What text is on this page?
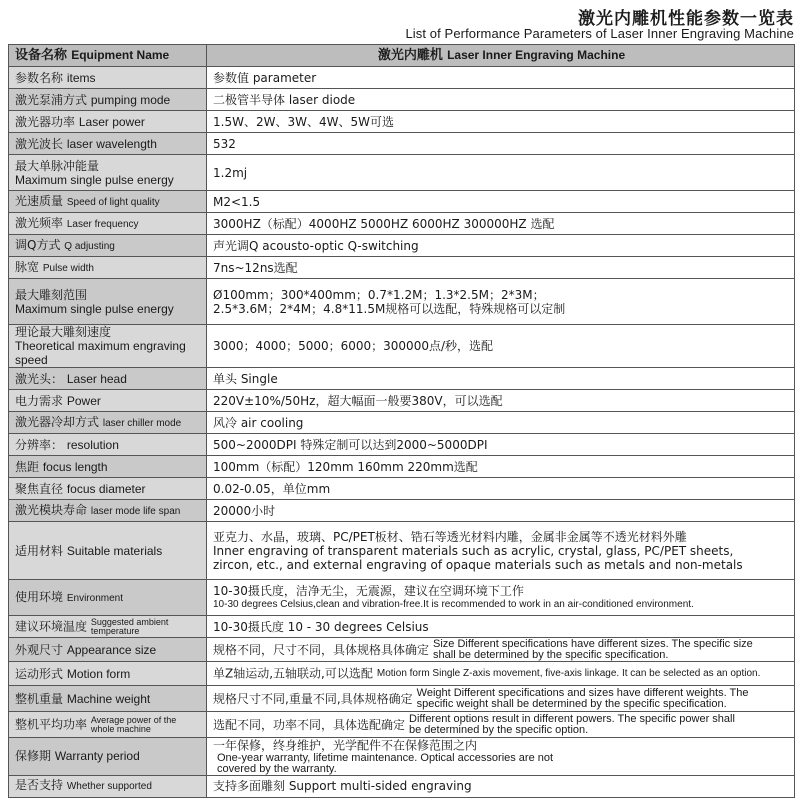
激光内雕机性能参数一览表
List of Performance Parameters of Laser Inner Engraving Machine
设备名称 Equipment Name	激光内雕机 Laser Inner Engraving Machine
参数名称 items	参数值 parameter

激光泵浦方式 pumping mode	二极管半导体 laser diode

激光器功率 Laser power	1.5W、2W、3W、4W、5W可选

激光波长 laser wavelength	532

最大单脉冲能量
Maximum single pulse energy	1.2mj

光速质量 Speed of light quality	M2<1.5

激光频率 Laser frequency	3000HZ（标配）4000HZ 5000HZ 6000HZ 300000HZ 选配

调Q方式 Q adjusting	声光调Q acousto-optic Q-switching

脉宽 Pulse width	7ns~12ns选配

最大雕刻范围
Maximum single pulse energy	Ø100mm；300*400mm；0.7*1.2M；1.3*2.5M；2*3M；
2.5*3.6M；2*4M；4.8*11.5M规格可以选配，特殊规格可以定制

理论最大雕刻速度
Theoretical maximum engraving speed	3000；4000；5000；6000；300000点/秒，选配

激光头： Laser head	单头 Single

电力需求 Power	220V±10%/50Hz，超大幅面一般要380V，可以选配

激光器冷却方式 laser chiller mode	风冷 air cooling

分辨率： resolution	500~2000DPI 特殊定制可以达到2000~5000DPI

焦距 focus length	100mm（标配）120mm 160mm 220mm选配

聚焦直径 focus diameter	0.02-0.05，单位mm

激光模块寿命 laser mode life span	20000小时

适用材料 Suitable materials	亚克力、水晶，玻璃、PC/PET板材、锆石等透光材料内雕，金属非金属等不透光材料外雕
Inner engraving of transparent materials such as acrylic, crystal, glass, PC/PET sheets,
zircon, etc., and external engraving of opaque materials such as metals and non-metals

使用环境 Environment	10-30摄氏度，洁净无尘，无震源，建议在空调环境下工作
10-30 degrees Celsius,clean and vibration-free.It is recommended to work in an air-conditioned environment.

建议环境温度 Suggested ambient temperature	10-30摄氏度 10 - 30 degrees Celsius

外观尺寸 Appearance size	规格不同，尺寸不同，具体规格具体确定 Size Different specifications have different sizes. The specific size shall be determined by the specific specification.
运动形式 Motion form	单Z轴运动,五轴联动,可以选配 Motion form Single Z-axis movement, five-axis linkage. It can be selected as an option.
整机重量 Machine weight	规格尺寸不同,重量不同,具体规格确定 Weight Different specifications and sizes have different weights. The specific weight shall be determined by the specific specification.
整机平均功率 Average power of the whole machine	选配不同，功率不同，具体选配确定 Different options result in different powers. The specific power shall be determined by the specific option.
保修期 Warranty period	一年保修，终身维护，光学配件不在保修范围之内One-year warranty, lifetime maintenance. Optical accessories are not covered by the warranty.
是否支持 Whether supported	支持多面雕刻 Support multi-sided engraving
